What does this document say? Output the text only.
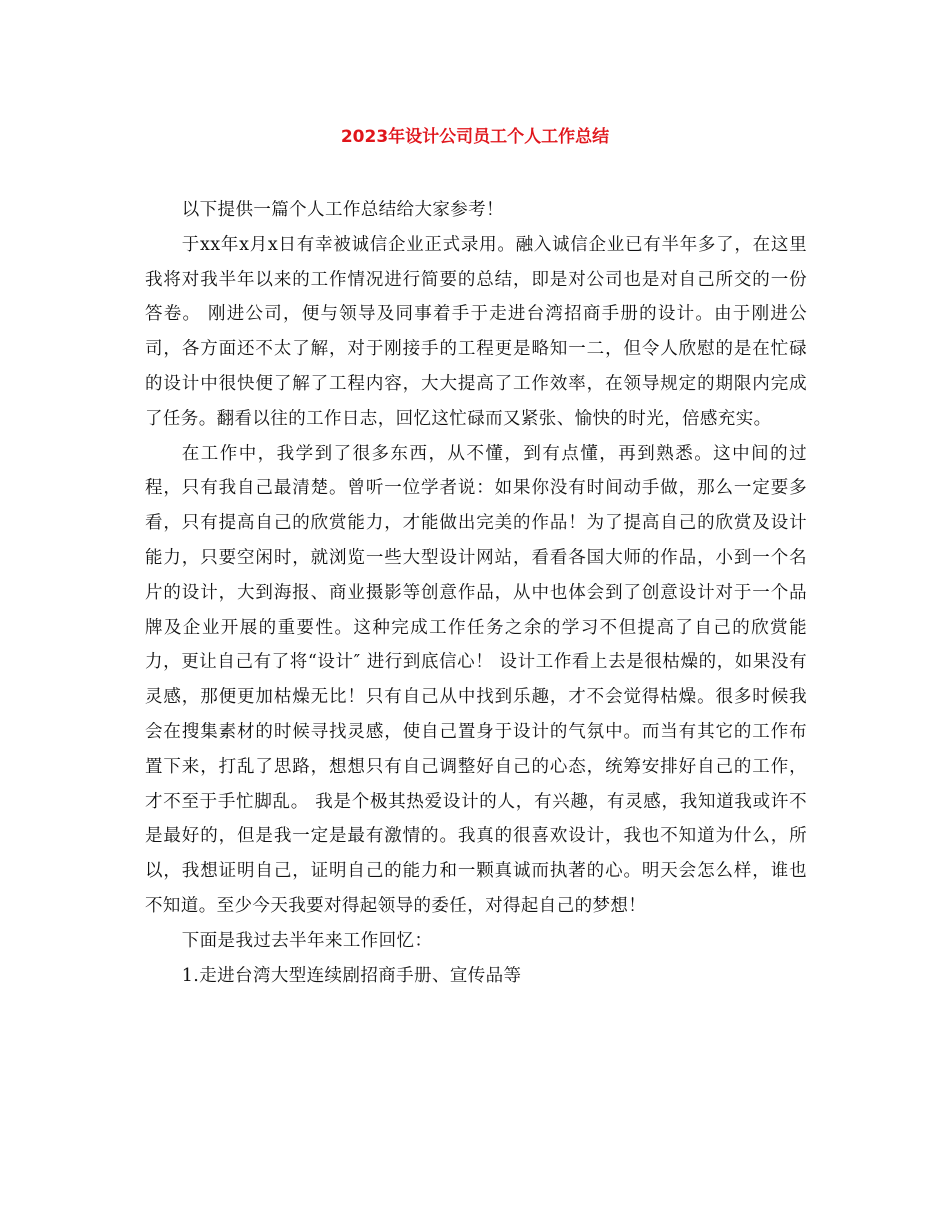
2023年设计公司员工个人工作总结

以下提供一篇个人工作总结给大家参考！

于xx年x月x日有幸被诚信企业正式录用。融入诚信企业已有半年多了，在这里我将对我半年以来的工作情况进行简要的总结，即是对公司也是对自己所交的一份答卷。 刚进公司，便与领导及同事着手于走进台湾招商手册的设计。由于刚进公司，各方面还不太了解，对于刚接手的工程更是略知一二，但令人欣慰的是在忙碌的设计中很快便了解了工程内容，大大提高了工作效率，在领导规定的期限内完成了任务。翻看以往的工作日志，回忆这忙碌而又紧张、愉快的时光，倍感充实。

在工作中，我学到了很多东西，从不懂，到有点懂，再到熟悉。这中间的过程，只有我自己最清楚。曾听一位学者说：如果你没有时间动手做，那么一定要多看，只有提高自己的欣赏能力，才能做出完美的作品！为了提高自己的欣赏及设计能力，只要空闲时，就浏览一些大型设计网站，看看各国大师的作品，小到一个名片的设计，大到海报、商业摄影等创意作品，从中也体会到了创意设计对于一个品牌及企业开展的重要性。这种完成工作任务之余的学习不但提高了自己的欣赏能力，更让自己有了将“设计″ 进行到底信心！ 设计工作看上去是很枯燥的，如果没有灵感，那便更加枯燥无比！只有自己从中找到乐趣，才不会觉得枯燥。很多时候我会在搜集素材的时候寻找灵感，使自己置身于设计的气氛中。而当有其它的工作布置下来，打乱了思路，想想只有自己调整好自己的心态，统筹安排好自己的工作，才不至于手忙脚乱。 我是个极其热爱设计的人，有兴趣，有灵感，我知道我或许不是最好的，但是我一定是最有激情的。我真的很喜欢设计，我也不知道为什么，所以，我想证明自己，证明自己的能力和一颗真诚而执著的心。明天会怎么样，谁也不知道。至少今天我要对得起领导的委任，对得起自己的梦想！

下面是我过去半年来工作回忆：

1.走进台湾大型连续剧招商手册、宣传品等
